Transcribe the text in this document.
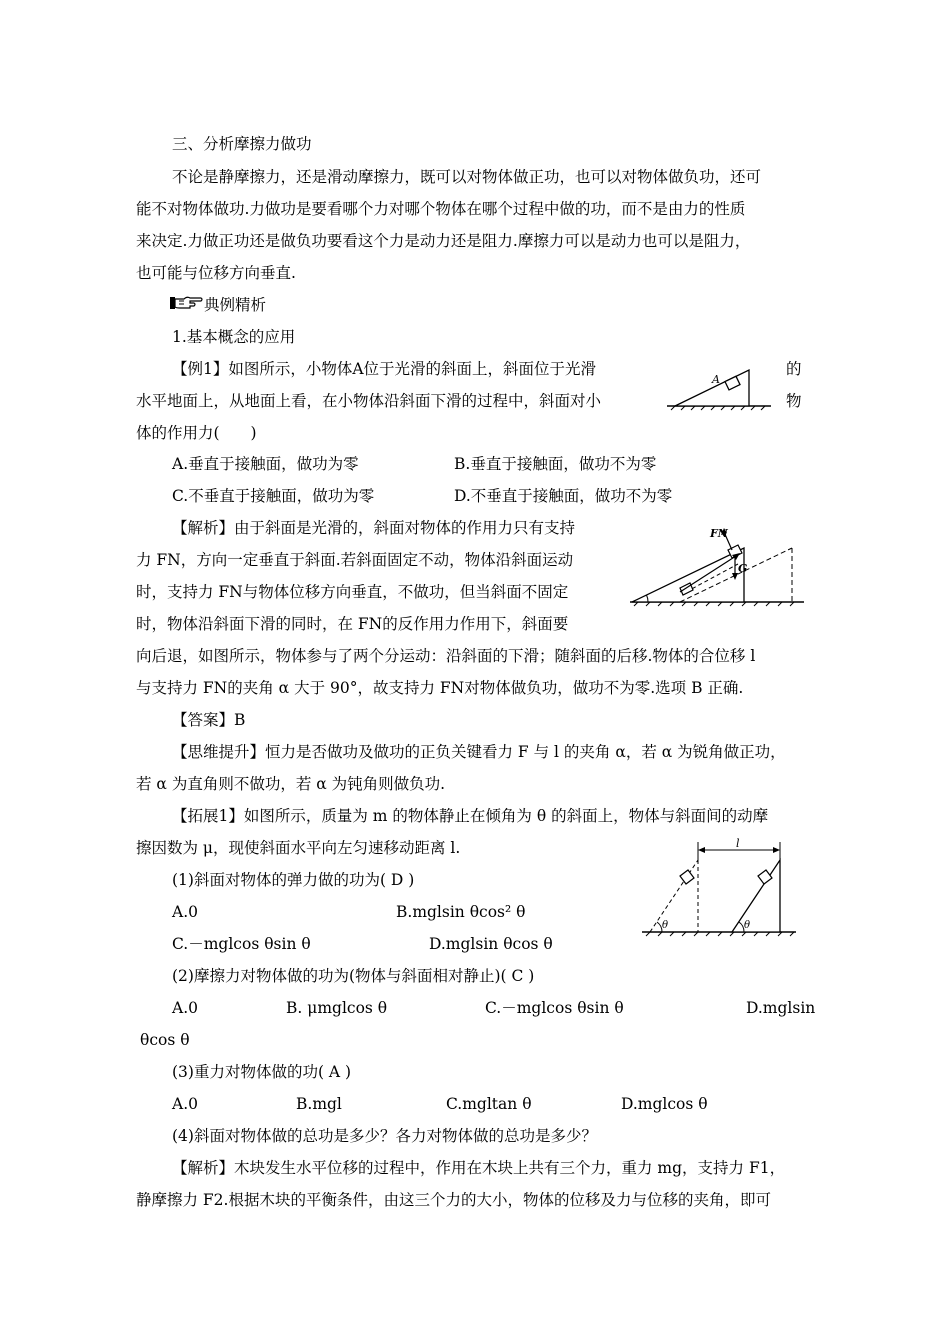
三、分析摩擦力做功
不论是静摩擦力，还是滑动摩擦力，既可以对物体做正功，也可以对物体做负功，还可
能不对物体做功.力做功是要看哪个力对哪个物体在哪个过程中做的功，而不是由力的性质
来决定.力做正功还是做负功要看这个力是动力还是阻力.摩擦力可以是动力也可以是阻力，
也可能与位移方向垂直.
典例精析
1.基本概念的应用
【例1】如图所示，小物体A位于光滑的斜面上，斜面位于光滑
水平地面上，从地面上看，在小物体沿斜面下滑的过程中，斜面对小
体的作用力(　　)
的
物
A
A.垂直于接触面，做功为零	B.垂直于接触面，做功不为零
C.不垂直于接触面，做功为零	D.不垂直于接触面，做功不为零
【解析】由于斜面是光滑的，斜面对物体的作用力只有支持
力 FN，方向一定垂直于斜面.若斜面固定不动，物体沿斜面运动
时，支持力 FN与物体位移方向垂直，不做功，但当斜面不固定
时，物体沿斜面下滑的同时，在 FN的反作用力作用下，斜面要
向后退，如图所示，物体参与了两个分运动：沿斜面的下滑；随斜面的后移.物体的合位移 l
与支持力 FN的夹角 α 大于 90°，故支持力 FN对物体做负功，做功不为零.选项 B 正确.
FN
G
【答案】B
【思维提升】恒力是否做功及做功的正负关键看力 F 与 l 的夹角 α，若 α 为锐角做正功，
若 α 为直角则不做功，若 α 为钝角则做负功.
【拓展1】如图所示，质量为 m 的物体静止在倾角为 θ 的斜面上，物体与斜面间的动摩
擦因数为 μ，现使斜面水平向左匀速移动距离 l.
(1)斜面对物体的弹力做的功为( D )
A.0	B.mglsin θcos² θ
C.－mglcos θsin θ	D.mglsin θcos θ
l
θ	θ
(2)摩擦力对物体做的功为(物体与斜面相对静止)( C )
A.0	B. μmglcos θ	C.－mglcos θsin θ	D.mglsin
θcos θ
(3)重力对物体做的功( A )
A.0	B.mgl	C.mgltan θ	D.mglcos θ
(4)斜面对物体做的总功是多少？各力对物体做的总功是多少？
【解析】木块发生水平位移的过程中，作用在木块上共有三个力，重力 mg，支持力 F1，
静摩擦力 F2.根据木块的平衡条件，由这三个力的大小，物体的位移及力与位移的夹角，即可
